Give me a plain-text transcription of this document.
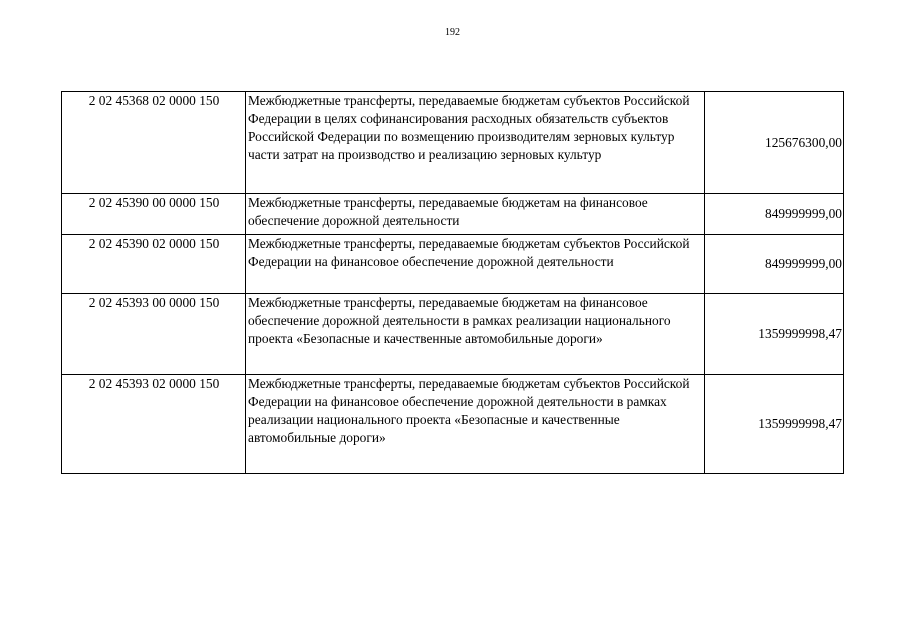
192
2 02 45368 02 0000 150	Межбюджетные трансферты, передаваемые бюджетам субъектов Российской Федерации в целях софинансирования расходных обязательств субъектов Российской Федерации по возмещению производителям зерновых культур части затрат на производство и реализацию зерновых культур	125676300,00
2 02 45390 00 0000 150	Межбюджетные трансферты, передаваемые бюджетам на финансовое обеспечение дорожной деятельности	849999999,00
2 02 45390 02 0000 150	Межбюджетные трансферты, передаваемые бюджетам субъектов Российской Федерации на финансовое обеспечение дорожной деятельности	849999999,00
2 02 45393 00 0000 150	Межбюджетные трансферты, передаваемые бюджетам на финансовое обеспечение дорожной деятельности в рамках реализации национального проекта «Безопасные и качественные автомобильные дороги»	1359999998,47
2 02 45393 02 0000 150	Межбюджетные трансферты, передаваемые бюджетам субъектов Российской Федерации на финансовое обеспечение дорожной деятельности в рамках реализации национального проекта «Безопасные и качественные автомобильные дороги»	1359999998,47
